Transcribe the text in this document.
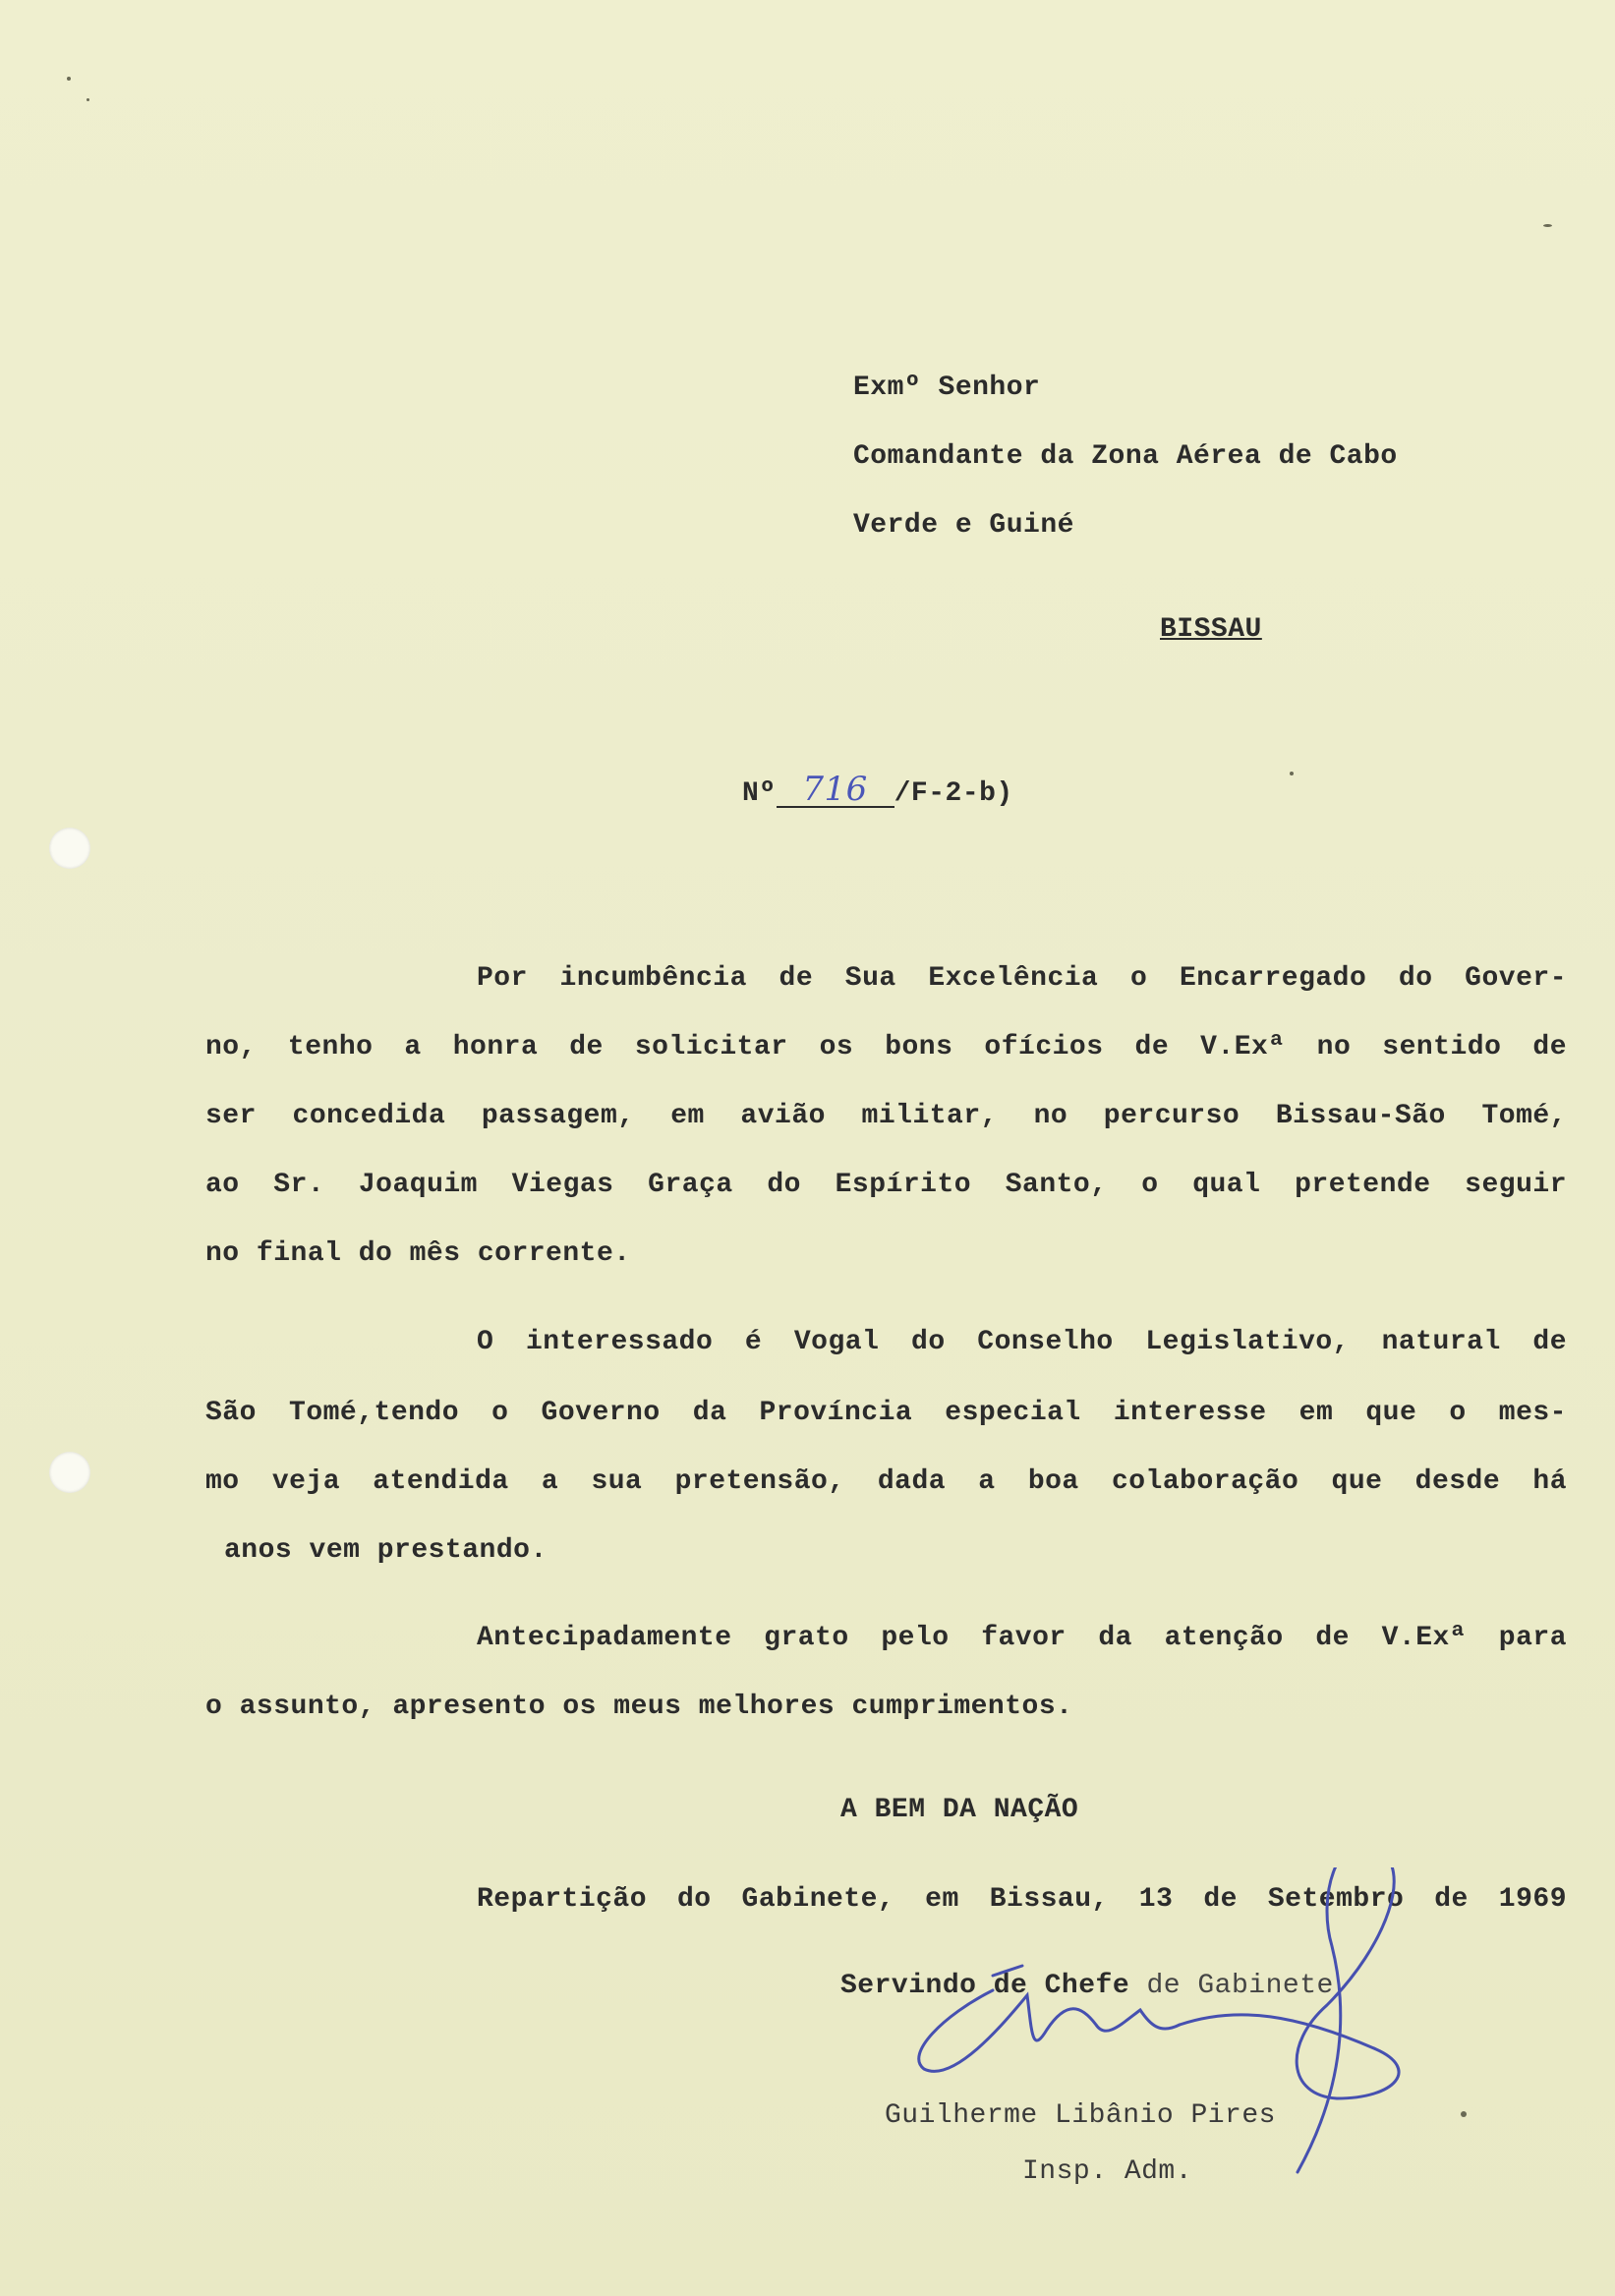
Exmº Senhor
Comandante da Zona Aérea de Cabo
Verde e Guiné
BISSAU
Nº 716 /F-2-b)
Por incumbência de Sua Excelência o Encarregado do Gover-
no, tenho a honra de solicitar os bons ofícios de V.Exª no sentido de
ser concedida passagem, em avião militar, no percurso Bissau-São Tomé,
ao Sr. Joaquim Viegas Graça do Espírito Santo, o qual pretende seguir
no final do mês corrente.
O interessado é Vogal do Conselho Legislativo, natural de
São Tomé,tendo o Governo da Província especial interesse em que o mes-
mo veja atendida a sua pretensão, dada a boa colaboração que desde há
anos vem prestando.
Antecipadamente grato pelo favor da atenção de V.Exª para
o assunto, apresento os meus melhores cumprimentos.
A BEM DA NAÇÃO
Repartição do Gabinete, em Bissau, 13 de Setembro de 1969
Servindo de Chefe de Gabinete
Guilherme Libânio Pires
Insp. Adm.
